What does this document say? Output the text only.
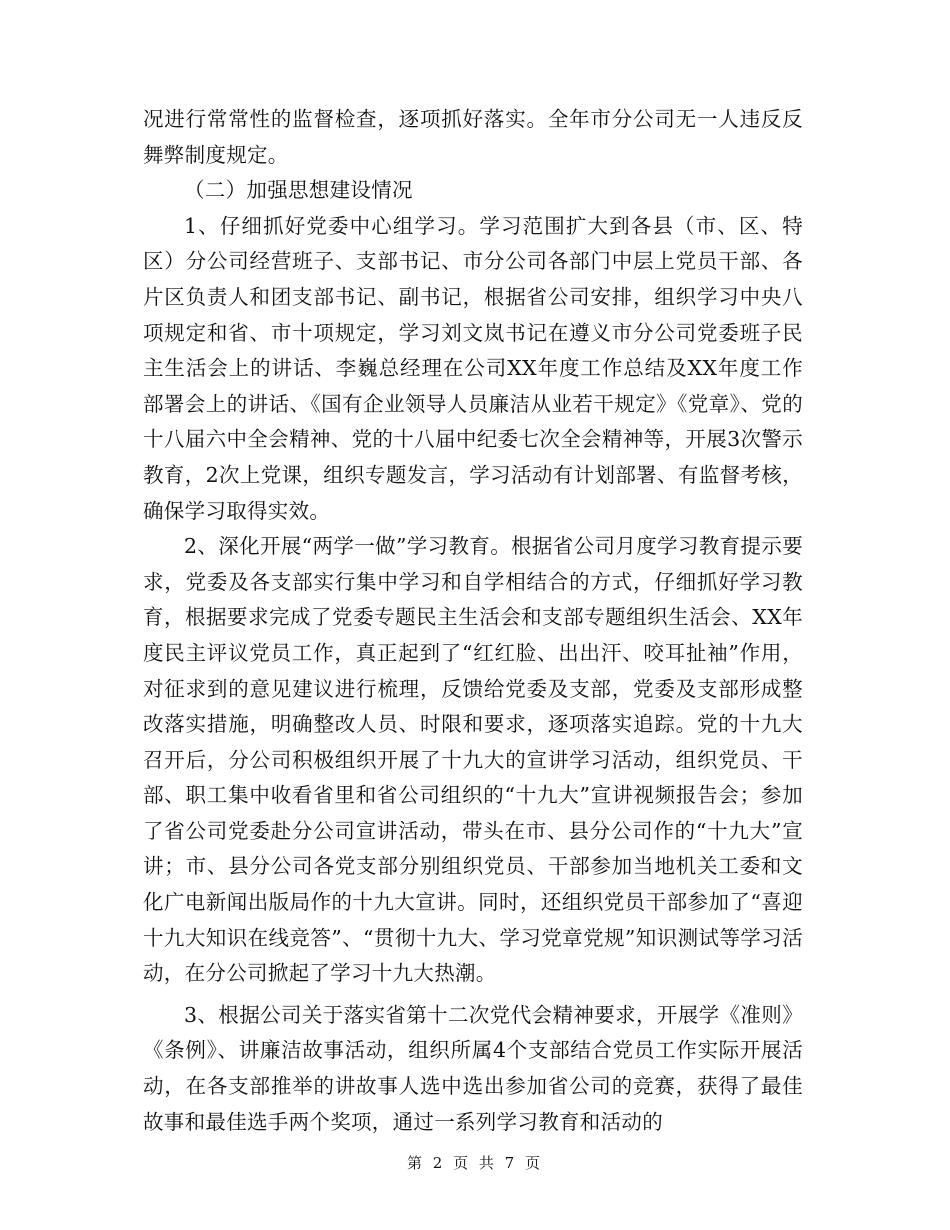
况进行常常性的监督检查，逐项抓好落实。全年市分公司无一人违反反舞弊制度规定。

（二）加强思想建设情况

1、仔细抓好党委中心组学习。学习范围扩大到各县（市、区、特区）分公司经营班子、支部书记、市分公司各部门中层上党员干部、各片区负责人和团支部书记、副书记，根据省公司安排，组织学习中央八项规定和省、市十项规定，学习刘文岚书记在遵义市分公司党委班子民主生活会上的讲话、李巍总经理在公司XX年度工作总结及XX年度工作部署会上的讲话、《国有企业领导人员廉洁从业若干规定》《党章》、党的十八届六中全会精神、党的十八届中纪委七次全会精神等，开展3次警示教育，2次上党课，组织专题发言，学习活动有计划部署、有监督考核，确保学习取得实效。

2、深化开展“两学一做”学习教育。根据省公司月度学习教育提示要求，党委及各支部实行集中学习和自学相结合的方式，仔细抓好学习教育，根据要求完成了党委专题民主生活会和支部专题组织生活会、XX年度民主评议党员工作，真正起到了“红红脸、出出汗、咬耳扯袖”作用，对征求到的意见建议进行梳理，反馈给党委及支部，党委及支部形成整改落实措施，明确整改人员、时限和要求，逐项落实追踪。党的十九大召开后，分公司积极组织开展了十九大的宣讲学习活动，组织党员、干部、职工集中收看省里和省公司组织的“十九大”宣讲视频报告会；参加了省公司党委赴分公司宣讲活动，带头在市、县分公司作的“十九大”宣讲；市、县分公司各党支部分别组织党员、干部参加当地机关工委和文化广电新闻出版局作的十九大宣讲。同时，还组织党员干部参加了“喜迎十九大知识在线竞答”、“贯彻十九大、学习党章党规”知识测试等学习活动，在分公司掀起了学习十九大热潮。

3、根据公司关于落实省第十二次党代会精神要求，开展学《准则》《条例》、讲廉洁故事活动，组织所属4个支部结合党员工作实际开展活动，在各支部推举的讲故事人选中选出参加省公司的竞赛，获得了最佳故事和最佳选手两个奖项，通过一系列学习教育和活动的

第 2 页 共 7 页
